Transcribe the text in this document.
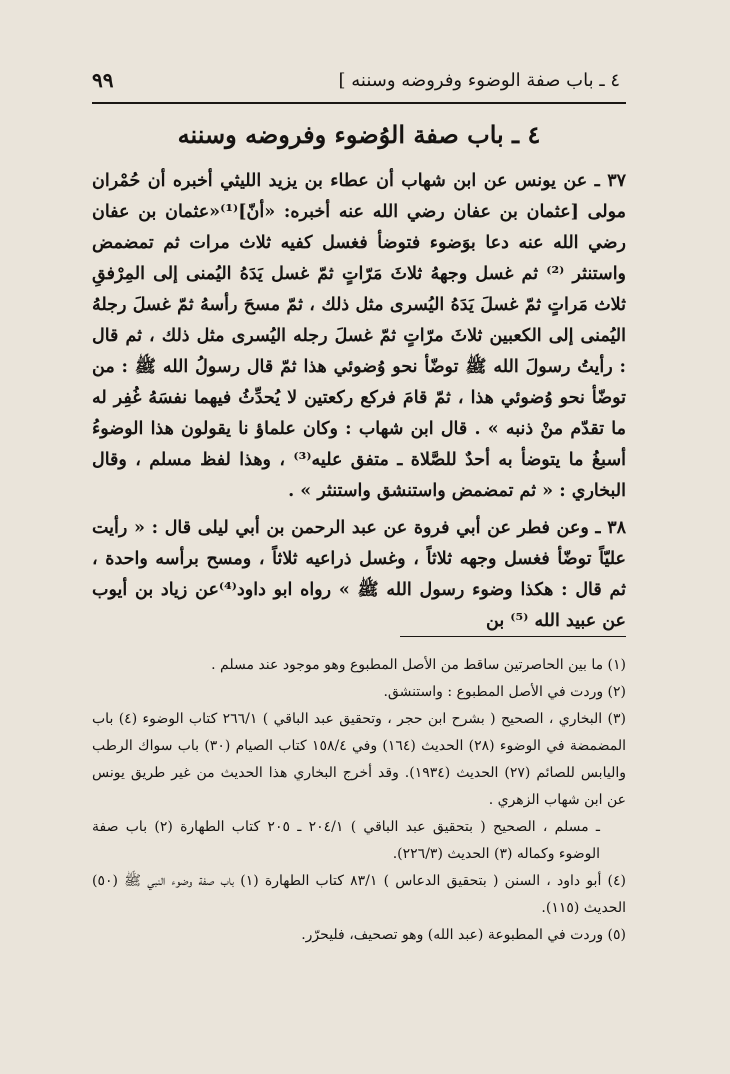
٤ ـ باب صفة الوضوء وفروضه وسننه ]
٩٩
٤ ـ باب صفة الوُضوء وفروضه وسننه

٣٧ ـ عن يونس عن ابن شهاب أن عطاء بن يزيد الليثي أخبره أن حُمْران مولى [عثمان بن عفان رضي الله عنه أخبره: «أنّ]⁽¹⁾«عثمان بن عفان رضي الله عنه دعا بوَضوء فتوضأ فغسل كفيه ثلاث مرات ثم تمضمض واستنثر ⁽²⁾ ثم غسل وجههُ ثلاثَ مَرّاتٍ ثمّ غسل يَدَهُ اليُمنى إلى المِرْفقِ ثلاث مَراتٍ ثمّ غسلَ يَدَهُ اليُسرى مثل ذلك ، ثمّ مسحَ رأسهُ ثمّ غسلَ رجلهُ اليُمنى إلى الكعبين ثلاثَ مرّاتٍ ثمّ غسلَ رجله اليُسرى مثل ذلك ، ثم قال : رأيتُ رسولَ الله ﷺ توضّأ نحو وُضوئي هذا ثمّ قال رسولُ الله ﷺ : من توضّأ نحو وُضوئي هذا ، ثمّ قامَ فركع ركعتين لا يُحدِّثُ فيهما نفسَهُ غُفِر له ما تقدّم منْ ذنبه » . قال ابن شهاب : وكان علماؤ نا يقولون هذا الوضوءُ أسبغُ ما يتوضأ به أحدٌ للصَّلاة ـ متفق عليه⁽³⁾ ، وهذا لفظ مسلم ، وقال البخاري : « ثم تمضمض واستنشق واستنثر » .

٣٨ ـ وعن فطر عن أبي فروة عن عبد الرحمن بن أبي ليلى قال : « رأيت عليّاً توضّأ فغسل وجهه ثلاثاً ، وغسل ذراعيه ثلاثاً ، ومسح برأسه واحدة ، ثم قال : هكذا وضوء رسول الله ﷺ » رواه ابو داود⁽⁴⁾عن زياد بن أيوب عن عبيد الله ⁽⁵⁾ بن

(١) ما بين الحاصرتين ساقط من الأصل المطبوع وهو موجود عند مسلم .

(٢) وردت في الأصل المطبوع : واستنشق.

(٣) البخاري ، الصحيح ( بشرح ابن حجر ، وتحقيق عبد الباقي ) ٢٦٦/١ كتاب الوضوء (٤) باب المضمضة في الوضوء (٢٨) الحديث (١٦٤) وفي ١٥٨/٤ كتاب الصيام (٣٠) باب سواك الرطب واليابس للصائم (٢٧) الحديث (١٩٣٤). وقد أخرج البخاري هذا الحديث من غير طريق يونس عن ابن شهاب الزهري .

ـ مسلم ، الصحيح ( بتحقيق عبد الباقي ) ٢٠٤/١ ـ ٢٠٥ كتاب الطهارة (٢) باب صفة الوضوء وكماله (٣) الحديث (٢٢٦/٣).

(٤) أبو داود ، السنن ( بتحقيق الدعاس ) ٨٣/١ كتاب الطهارة (١) باب صفة وضوء النبي ﷺ (٥٠) الحديث (١١٥).

(٥) وردت في المطبوعة (عبد الله) وهو تصحيف، فليحرّر.
